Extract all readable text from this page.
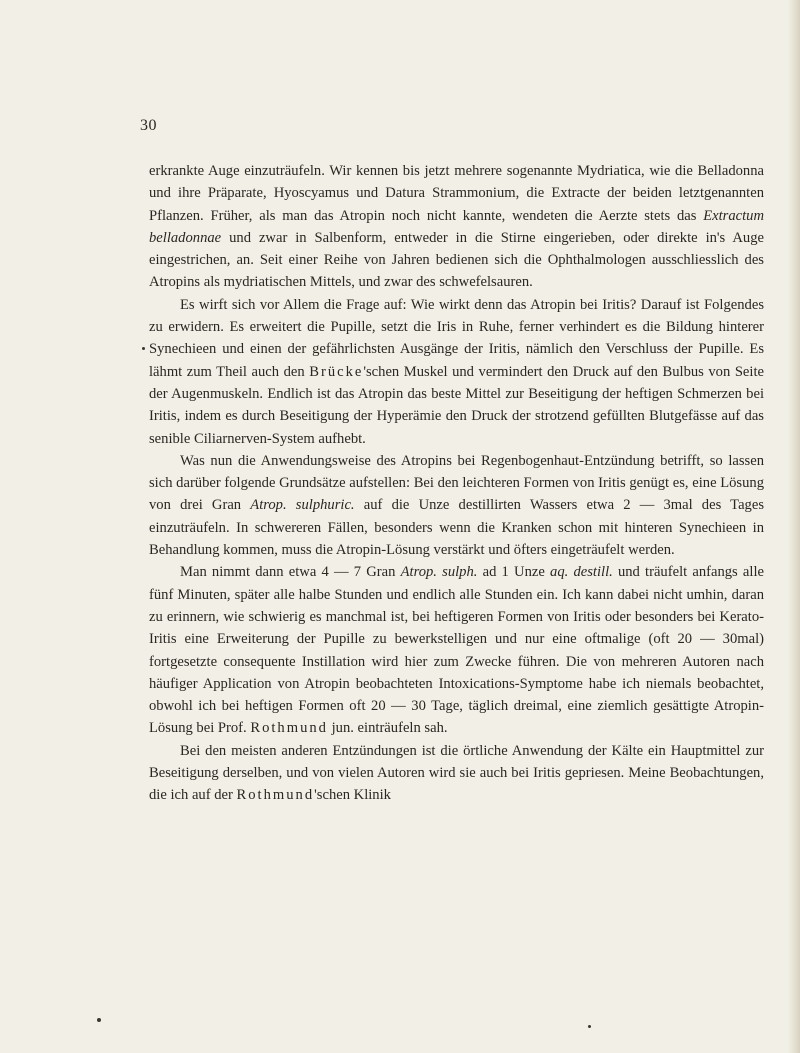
30

erkrankte Auge einzuträufeln. Wir kennen bis jetzt mehrere sogenannte Mydriatica, wie die Belladonna und ihre Präparate, Hyoscyamus und Datura Strammonium, die Extracte der beiden letztgenannten Pflanzen. Früher, als man das Atropin noch nicht kannte, wendeten die Aerzte stets das Extractum belladonnae und zwar in Salbenform, entweder in die Stirne eingerieben, oder direkte in's Auge eingestrichen, an. Seit einer Reihe von Jahren bedienen sich die Ophthalmologen ausschliesslich des Atropins als mydriatischen Mittels, und zwar des schwefelsauren.

Es wirft sich vor Allem die Frage auf: Wie wirkt denn das Atropin bei Iritis? Darauf ist Folgendes zu erwidern. Es erweitert die Pupille, setzt die Iris in Ruhe, ferner verhindert es die Bildung hinterer Synechieen und einen der gefährlichsten Ausgänge der Iritis, nämlich den Verschluss der Pupille. Es lähmt zum Theil auch den Brücke'schen Muskel und vermindert den Druck auf den Bulbus von Seite der Augenmuskeln. Endlich ist das Atropin das beste Mittel zur Beseitigung der heftigen Schmerzen bei Iritis, indem es durch Beseitigung der Hyperämie den Druck der strotzend gefüllten Blutgefässe auf das senible Ciliarnerven-System aufhebt.

Was nun die Anwendungsweise des Atropins bei Regenbogenhaut-Entzündung betrifft, so lassen sich darüber folgende Grundsätze aufstellen: Bei den leichteren Formen von Iritis genügt es, eine Lösung von drei Gran Atrop. sulphuric. auf die Unze destillirten Wassers etwa 2 — 3mal des Tages einzuträufeln. In schwereren Fällen, besonders wenn die Kranken schon mit hinteren Synechieen in Behandlung kommen, muss die Atropin-Lösung verstärkt und öfters eingeträufelt werden.

Man nimmt dann etwa 4 — 7 Gran Atrop. sulph. ad 1 Unze aq. destill. und träufelt anfangs alle fünf Minuten, später alle halbe Stunden und endlich alle Stunden ein. Ich kann dabei nicht umhin, daran zu erinnern, wie schwierig es manchmal ist, bei heftigeren Formen von Iritis oder besonders bei Kerato-Iritis eine Erweiterung der Pupille zu bewerkstelligen und nur eine oftmalige (oft 20 — 30mal) fortgesetzte consequente Instillation wird hier zum Zwecke führen. Die von mehreren Autoren nach häufiger Application von Atropin beobachteten Intoxications-Symptome habe ich niemals beobachtet, obwohl ich bei heftigen Formen oft 20 — 30 Tage, täglich dreimal, eine ziemlich gesättigte Atropin-Lösung bei Prof. Rothmund jun. einträufeln sah.

Bei den meisten anderen Entzündungen ist die örtliche Anwendung der Kälte ein Hauptmittel zur Beseitigung derselben, und von vielen Autoren wird sie auch bei Iritis gepriesen. Meine Beobachtungen, die ich auf der Rothmund'schen Klinik
